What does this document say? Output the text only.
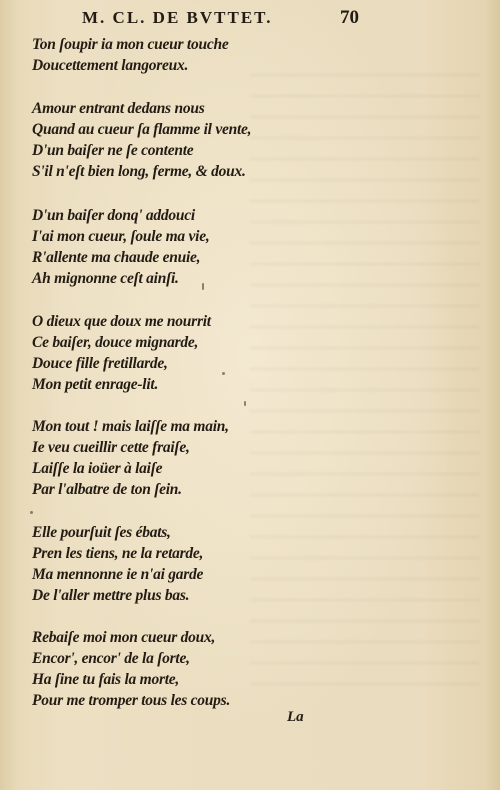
M. CL. DE BVTTET.	70
Ton ſoupir ia mon cueur touche
Doucettement langoreux.
Amour entrant dedans nous
Quand au cueur ſa flamme il vente,
D'un baiſer ne ſe contente
S'il n'eſt bien long, ferme, & doux.
D'un baiſer donq' addouci
I'ai mon cueur, ſoule ma vie,
R'allente ma chaude enuie,
Ah mignonne ceſt ainſi.
O dieux que doux me nourrit
Ce baiſer, douce mignarde,
Douce fille fretillarde,
Mon petit enrage-lit.
Mon tout ! mais laiſſe ma main,
Ie veu cueillir cette fraiſe,
Laiſſe la ioüer à laiſe
Par l'albatre de ton ſein.
Elle pourſuit ſes ébats,
Pren les tiens, ne la retarde,
Ma mennonne ie n'ai garde
De l'aller mettre plus bas.
Rebaiſe moi mon cueur doux,
Encor', encor' de la ſorte,
Ha ſine tu fais la morte,
Pour me tromper tous les coups.
La
